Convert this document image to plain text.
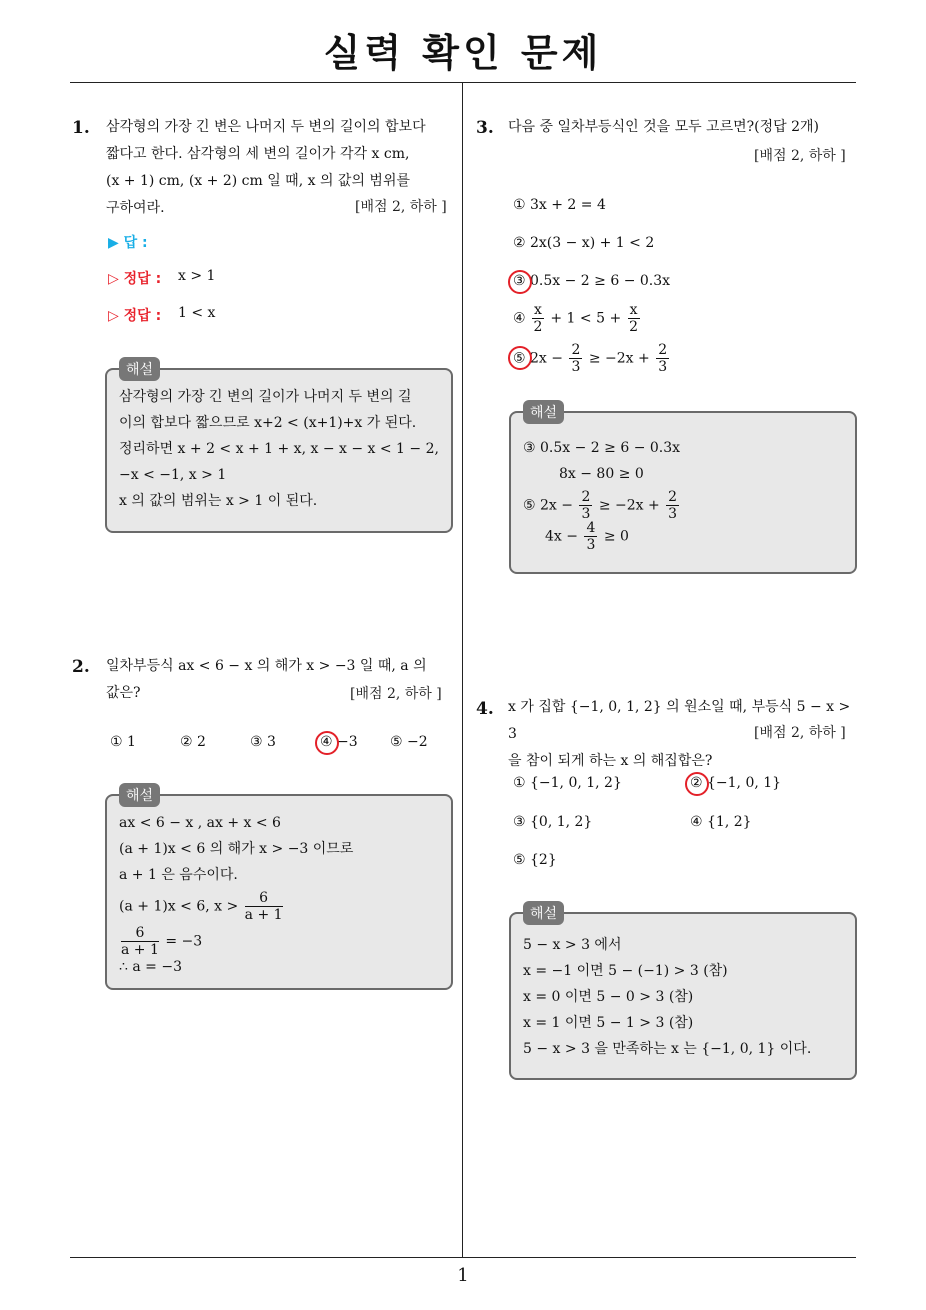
실력 확인 문제
1
1. 삼각형의 가장 긴 변은 나머지 두 변의 길이의 합보다
짧다고 한다. 삼각형의 세 변의 길이가 각각 x cm,
(x + 1) cm, (x + 2) cm 일 때, x 의 값의 범위를
구하여라.	[배점 2, 하하 ]
▶ 답 :
▷ 정답 : x > 1
▷ 정답 : 1 < x
삼각형의 가장 긴 변의 길이가 나머지 두 변의 길
이의 합보다 짧으므로 x+2 < (x+1)+x 가 된다.
정리하면 x + 2 < x + 1 + x, x − x − x < 1 − 2,
−x < −1, x > 1
x 의 값의 범위는 x > 1 이 된다.
해설
2. 일차부등식 ax < 6 − x 의 해가 x > −3 일 때, a 의
값은?	[배점 2, 하하 ]
① 1	② 2	③ 3	④ −3 ⑤ −2
ax < 6 − x , ax + x < 6
(a + 1)x < 6 의 해가 x > −3 이므로
a + 1 은 음수이다.
(a + 1)x < 6, $x > \frac{6}{a + 1}$
$\frac{6}{a + 1} = -3$
∴ a = −3
해설
3. 다음 중 일차부등식인 것을 모두 고르면?(정답 2개)
[배점 2, 하하 ]
① 3x + 2 = 4
② 2x(3 − x) + 1 < 2
③ 0.5x − 2 ≥ 6 − 0.3x
④ $\frac{x}{2} + 1 < 5 + \frac{x}{2}$
⑤ $2x - \frac{2}{3} \ge -2x + \frac{2}{3}$
③ 0.5x − 2 ≥ 6 − 0.3x
8x − 80 ≥ 0
⑤ $2x - \frac{2}{3} \ge -2x + \frac{2}{3}$
$4x - \frac{4}{3} \ge 0$
해설
4. x 가 집합 {−1, 0, 1, 2} 의 원소일 때, 부등식 5 − x > 3
을 참이 되게 하는 x 의 해집합은?
[배점 2, 하하 ]
① {−1, 0, 1, 2}	② {−1, 0, 1}
③ {0, 1, 2}	④ {1, 2}
⑤ {2}
5 − x > 3 에서
x = −1 이면 5 − (−1) > 3 (참)
x = 0 이면 5 − 0 > 3 (참)
x = 1 이면 5 − 1 > 3 (참)
5 − x > 3 을 만족하는 x 는 {−1, 0, 1} 이다.
해설
